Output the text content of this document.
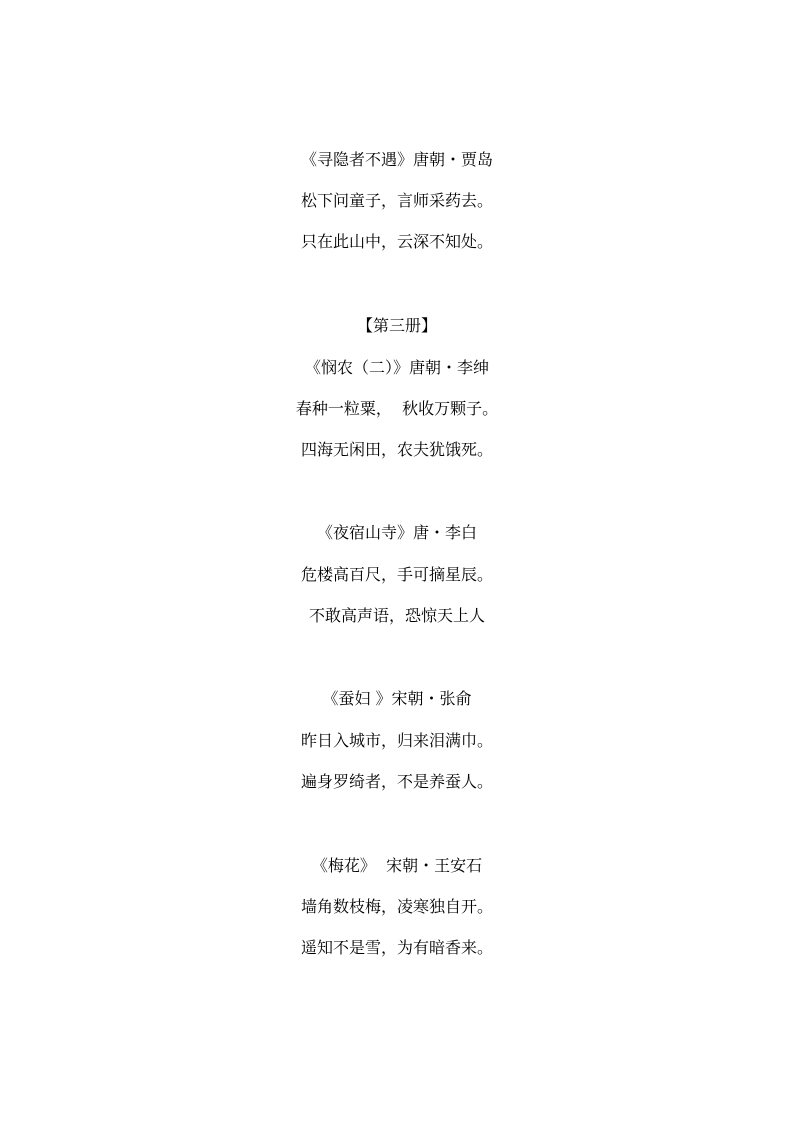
《寻隐者不遇》唐朝・贾岛
松下问童子，言师采药去。
只在此山中，云深不知处。
【第三册】
《悯农（二）》唐朝・李绅
春种一粒粟，  秋收万颗子。
四海无闲田，农夫犹饿死。
《夜宿山寺》唐・李白
危楼高百尺，手可摘星辰。
不敢高声语，恐惊天上人
《蚕妇 》宋朝・张俞
昨日入城市，归来泪满巾。
遍身罗绮者，不是养蚕人。
《梅花》  宋朝・王安石
墙角数枝梅，凌寒独自开。
遥知不是雪，为有暗香来。
